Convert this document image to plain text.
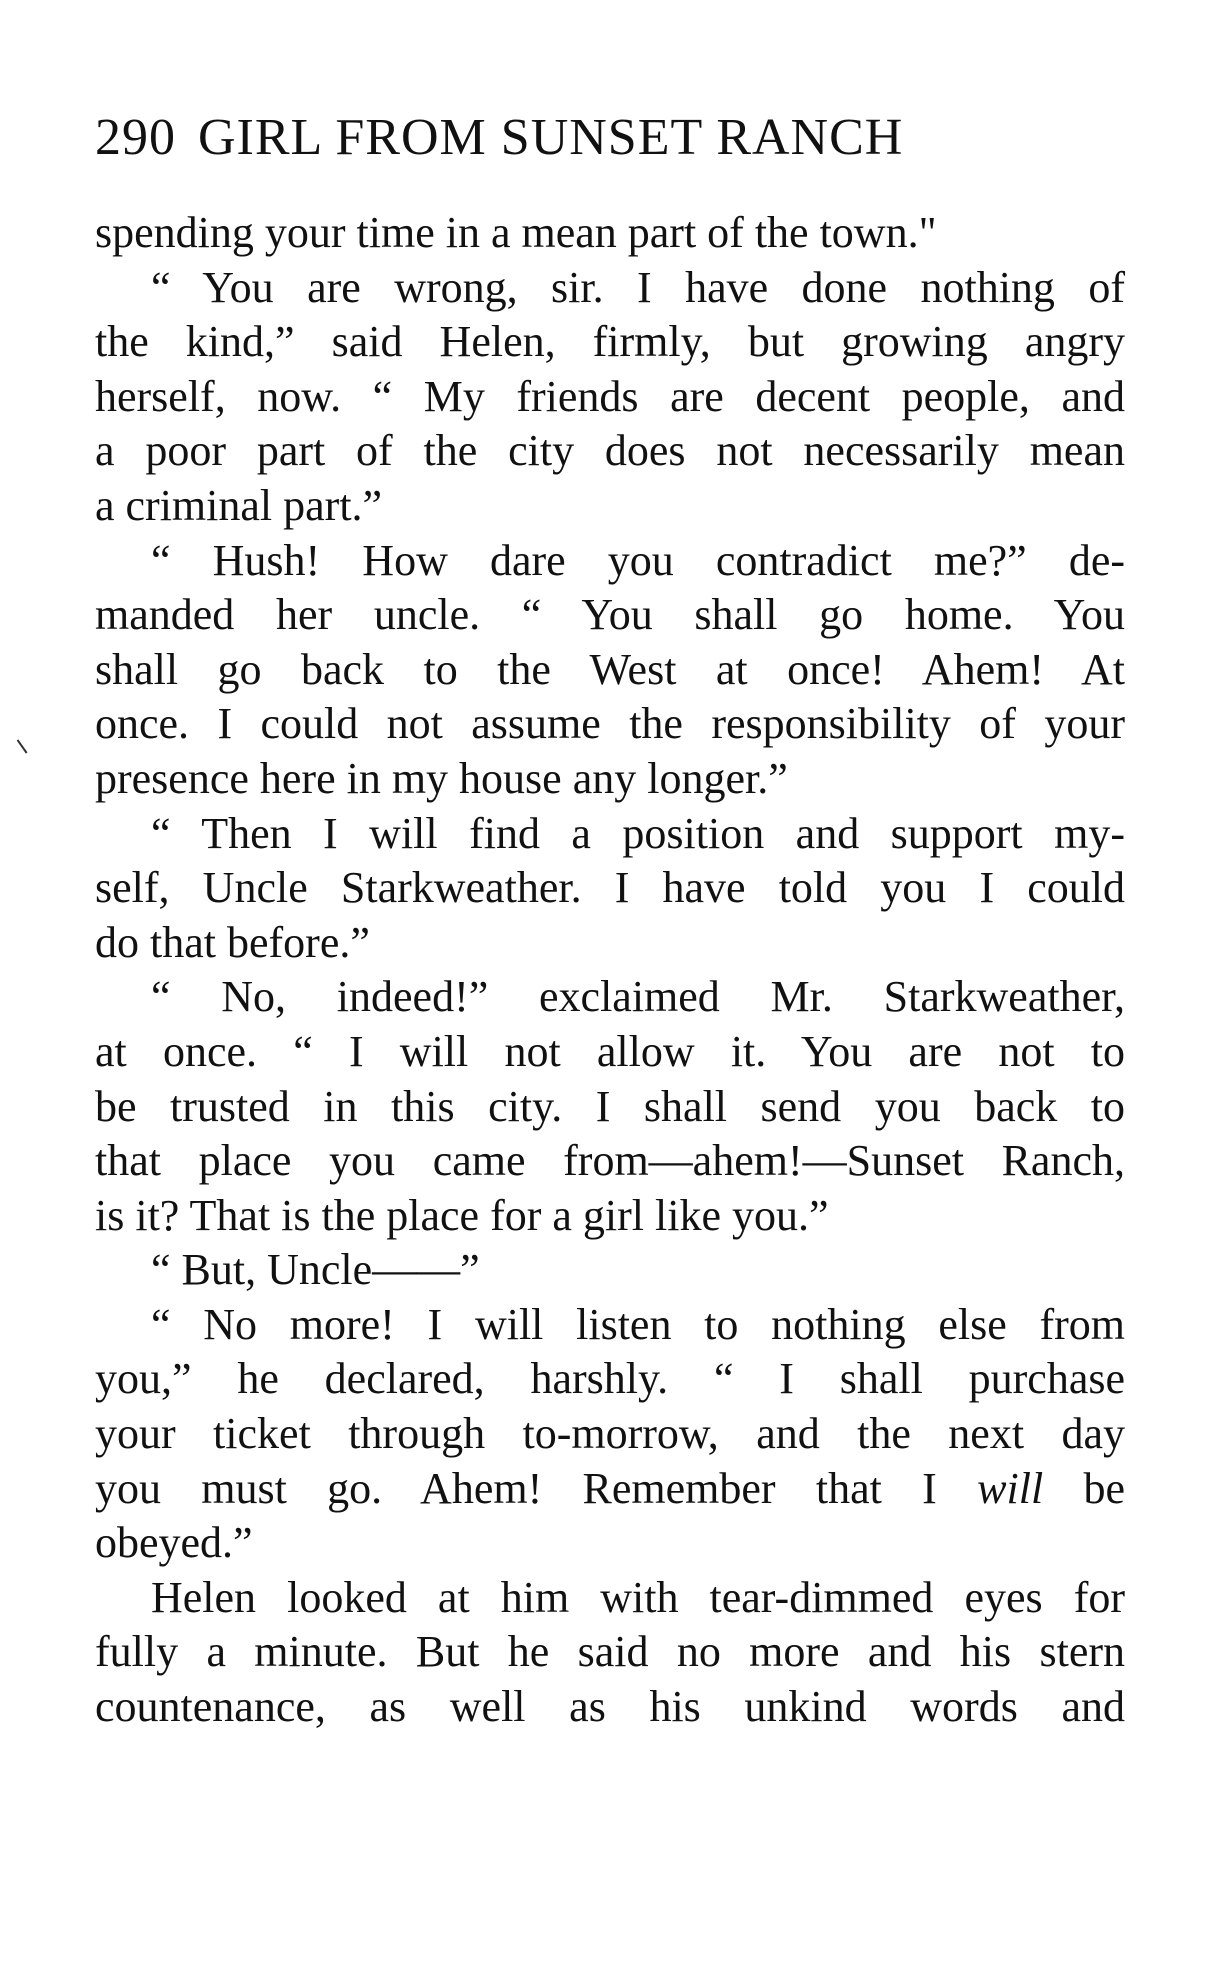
290 GIRL FROM SUNSET RANCH
spending your time in a mean part of the town."
“ You are wrong, sir. I have done nothing of
the kind,” said Helen, firmly, but growing angry
herself, now. “ My friends are decent people, and
a poor part of the city does not necessarily mean
a criminal part.”
“ Hush! How dare you contradict me?” de-
manded her uncle. “ You shall go home. You
shall go back to the West at once! Ahem! At
once. I could not assume the responsibility of your
presence here in my house any longer.”
“ Then I will find a position and support my-
self, Uncle Starkweather. I have told you I could
do that before.”
“ No, indeed!” exclaimed Mr. Starkweather,
at once. “ I will not allow it. You are not to
be trusted in this city. I shall send you back to
that place you came from—ahem!—Sunset Ranch,
is it? That is the place for a girl like you.”
“ But, Uncle——”
“ No more! I will listen to nothing else from
you,” he declared, harshly. “ I shall purchase
your ticket through to-morrow, and the next day
you must go. Ahem! Remember that I will be
obeyed.”
Helen looked at him with tear-dimmed eyes for
fully a minute. But he said no more and his stern
countenance, as well as his unkind words and
